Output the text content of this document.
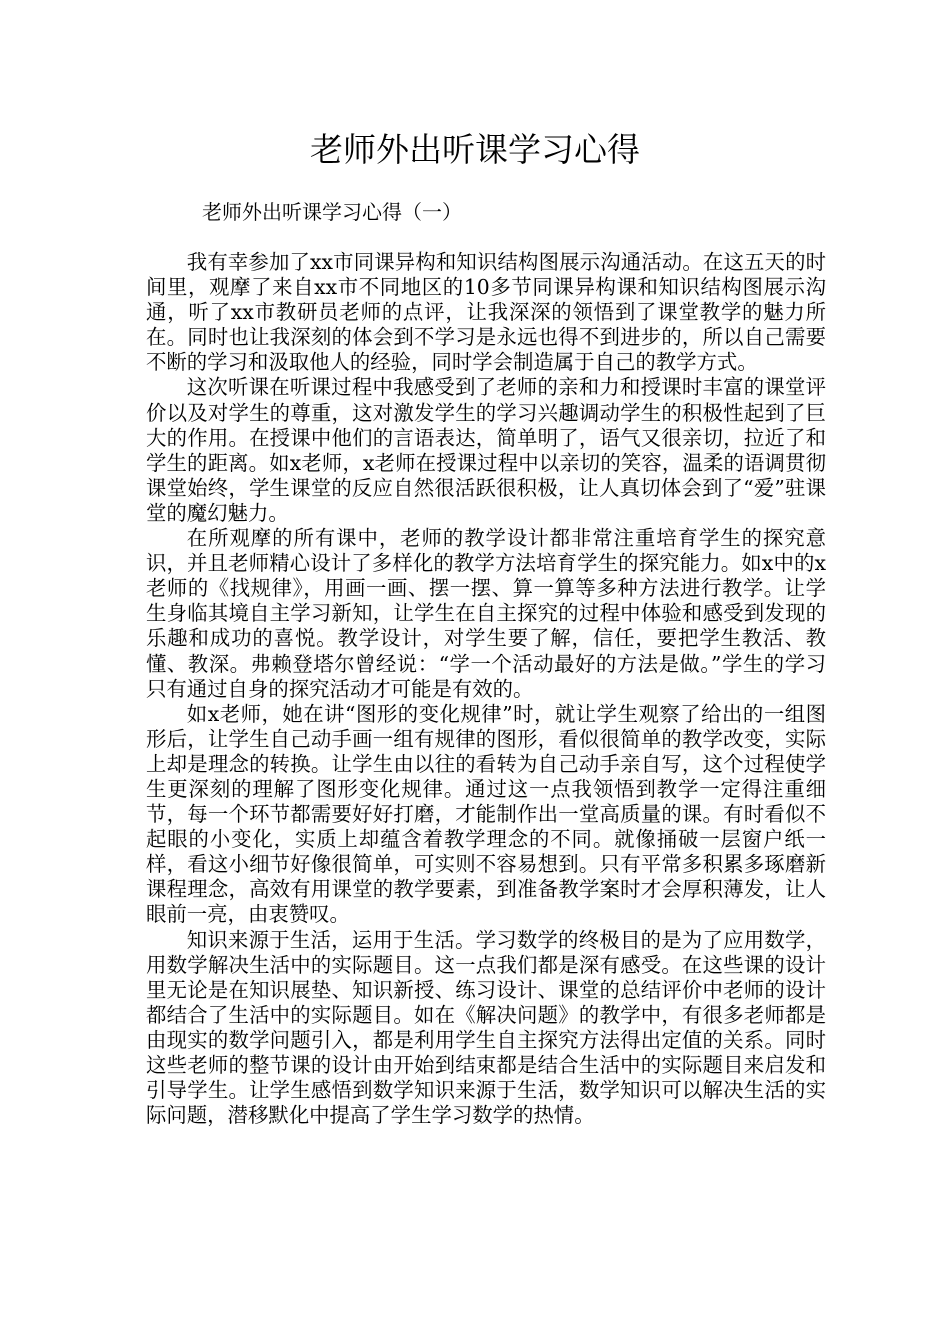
老师外出听课学习心得
老师外出听课学习心得（一）

我有幸参加了xx市同课异构和知识结构图展示沟通活动。在这五天的时间里，观摩了来自xx市不同地区的10多节同课异构课和知识结构图展示沟通，听了xx市教研员老师的点评，让我深深的领悟到了课堂教学的魅力所在。同时也让我深刻的体会到不学习是永远也得不到进步的，所以自己需要不断的学习和汲取他人的经验，同时学会制造属于自己的教学方式。

这次听课在听课过程中我感受到了老师的亲和力和授课时丰富的课堂评价以及对学生的尊重，这对激发学生的学习兴趣调动学生的积极性起到了巨大的作用。在授课中他们的言语表达，简单明了，语气又很亲切，拉近了和学生的距离。如x老师，x老师在授课过程中以亲切的笑容，温柔的语调贯彻课堂始终，学生课堂的反应自然很活跃很积极，让人真切体会到了“爱”驻课堂的魔幻魅力。

在所观摩的所有课中，老师的教学设计都非常注重培育学生的探究意识，并且老师精心设计了多样化的教学方法培育学生的探究能力。如x中的x老师的《找规律》，用画一画、摆一摆、算一算等多种方法进行教学。让学生身临其境自主学习新知，让学生在自主探究的过程中体验和感受到发现的乐趣和成功的喜悦。教学设计，对学生要了解，信任，要把学生教活、教懂、教深。弗赖登塔尔曾经说：“学一个活动最好的方法是做。”学生的学习只有通过自身的探究活动才可能是有效的。

如x老师，她在讲“图形的变化规律”时，就让学生观察了给出的一组图形后，让学生自己动手画一组有规律的图形，看似很简单的教学改变，实际上却是理念的转换。让学生由以往的看转为自己动手亲自写，这个过程使学生更深刻的理解了图形变化规律。通过这一点我领悟到教学一定得注重细节，每一个环节都需要好好打磨，才能制作出一堂高质量的课。有时看似不起眼的小变化，实质上却蕴含着教学理念的不同。就像捅破一层窗户纸一样，看这小细节好像很简单，可实则不容易想到。只有平常多积累多琢磨新课程理念，高效有用课堂的教学要素，到准备教学案时才会厚积薄发，让人眼前一亮，由衷赞叹。

知识来源于生活，运用于生活。学习数学的终极目的是为了应用数学，用数学解决生活中的实际题目。这一点我们都是深有感受。在这些课的设计里无论是在知识展垫、知识新授、练习设计、课堂的总结评价中老师的设计都结合了生活中的实际题目。如在《解决问题》的教学中，有很多老师都是由现实的数学问题引入，都是利用学生自主探究方法得出定值的关系。同时这些老师的整节课的设计由开始到结束都是结合生活中的实际题目来启发和引导学生。让学生感悟到数学知识来源于生活，数学知识可以解决生活的实际问题，潜移默化中提高了学生学习数学的热情。
